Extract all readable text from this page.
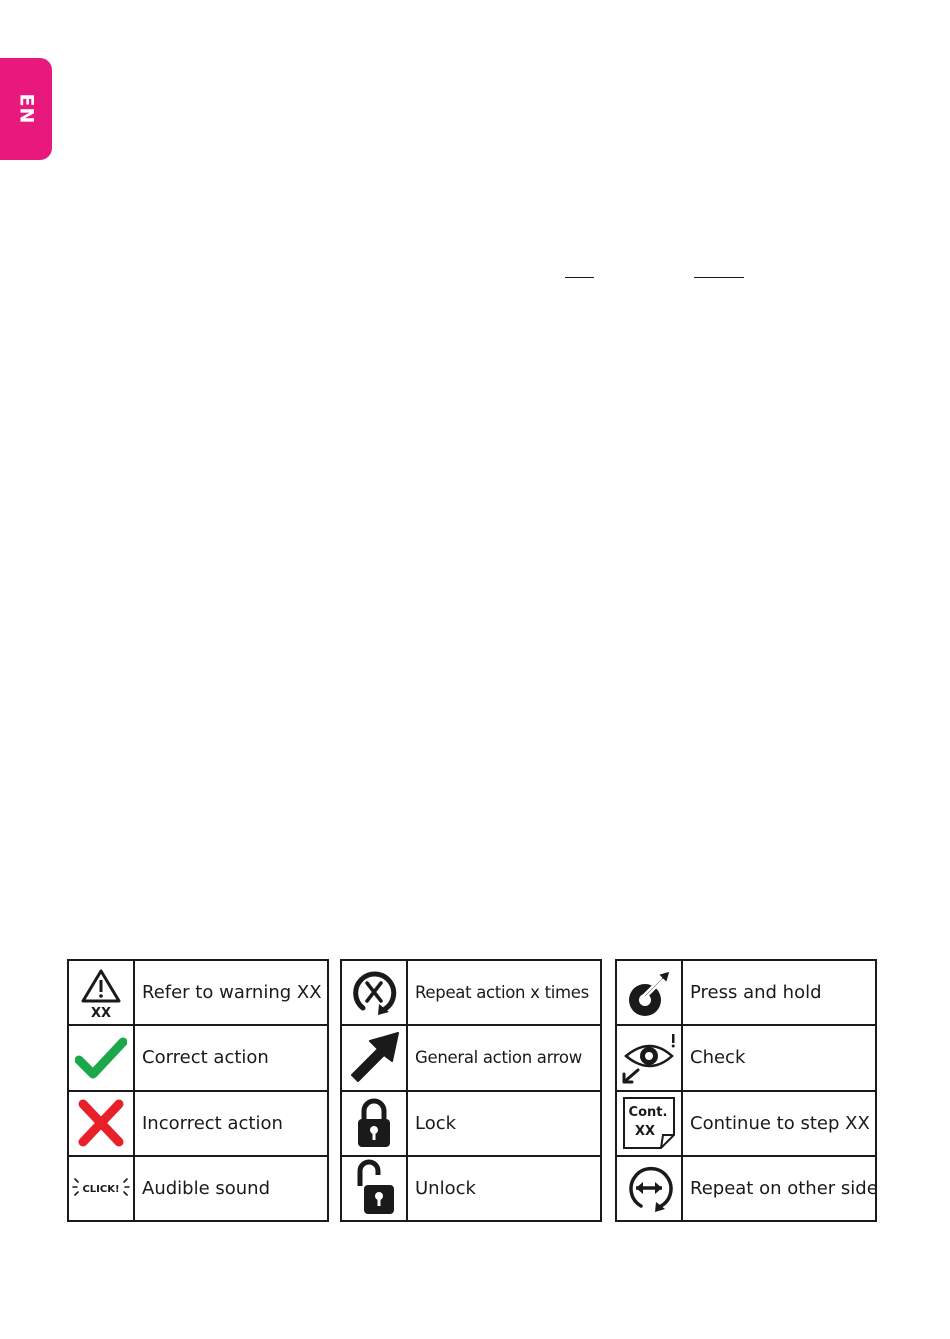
EN
XX
Refer to warning XX
Correct action
Incorrect action
CLICK!	Audible sound
Repeat action x times
General action arrow
Lock
Unlock
Press and hold
Check
Cont.
XX	Continue to step XX
Repeat on other side
